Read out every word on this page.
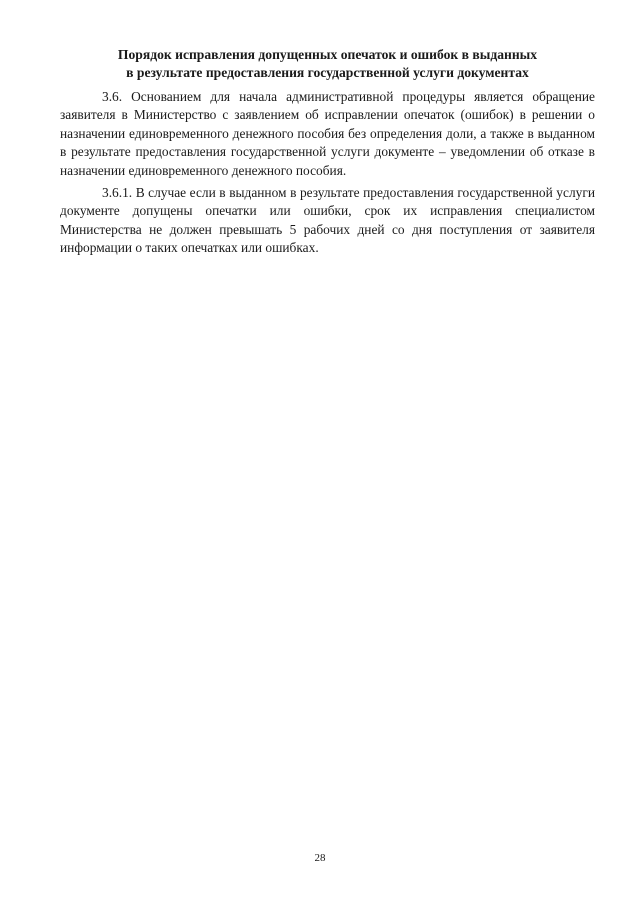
Порядок исправления допущенных опечаток и ошибок в выданных
в результате предоставления государственной услуги документах

3.6. Основанием для начала административной процедуры является обращение заявителя в Министерство с заявлением об исправлении опечаток (ошибок) в решении о назначении единовременного денежного пособия без определения доли, а также в выданном в результате предоставления государственной услуги документе – уведомлении об отказе в назначении единовременного денежного пособия.

3.6.1. В случае если в выданном в результате предоставления государственной услуги документе допущены опечатки или ошибки, срок их исправления специалистом Министерства не должен превышать 5 рабочих дней со дня поступления от заявителя информации о таких опечатках или ошибках.

28
